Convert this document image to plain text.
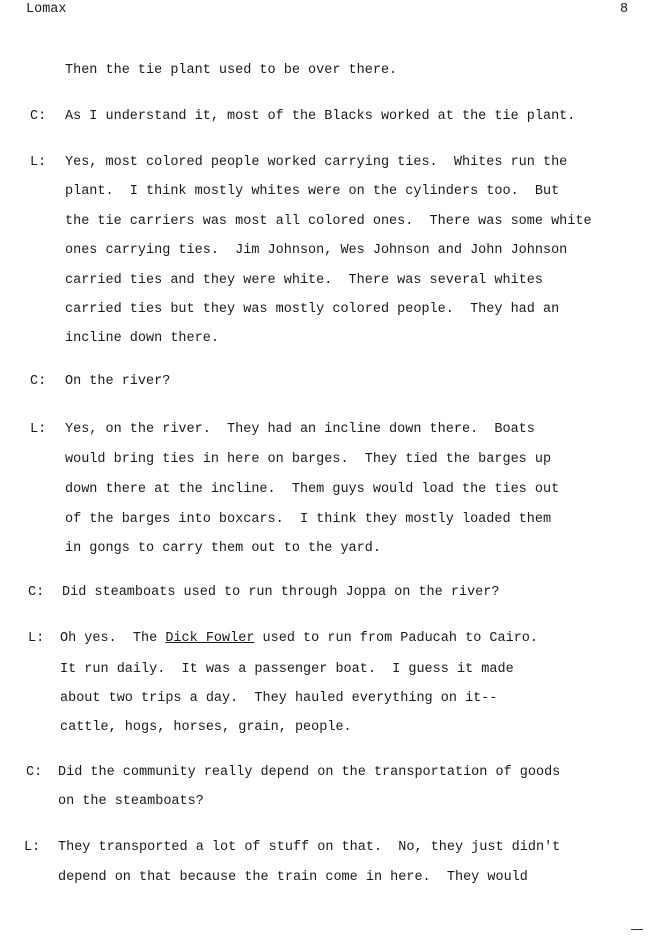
Lomax	8
Then the tie plant used to be over there.
C: As I understand it, most of the Blacks worked at the tie plant.
L: Yes, most colored people worked carrying ties.  Whites run the
plant.  I think mostly whites were on the cylinders too.  But
the tie carriers was most all colored ones.  There was some white
ones carrying ties.  Jim Johnson, Wes Johnson and John Johnson
carried ties and they were white.  There was several whites
carried ties but they was mostly colored people.  They had an
incline down there.
C: On the river?
L: Yes, on the river.  They had an incline down there.  Boats
would bring ties in here on barges.  They tied the barges up
down there at the incline.  Them guys would load the ties out
of the barges into boxcars.  I think they mostly loaded them
in gongs to carry them out to the yard.
C: Did steamboats used to run through Joppa on the river?
L: Oh yes.  The Dick Fowler used to run from Paducah to Cairo.
It run daily.  It was a passenger boat.  I guess it made
about two trips a day.  They hauled everything on it--
cattle, hogs, horses, grain, people.
C: Did the community really depend on the transportation of goods
on the steamboats?
L: They transported a lot of stuff on that.  No, they just didn't
depend on that because the train come in here.  They would
